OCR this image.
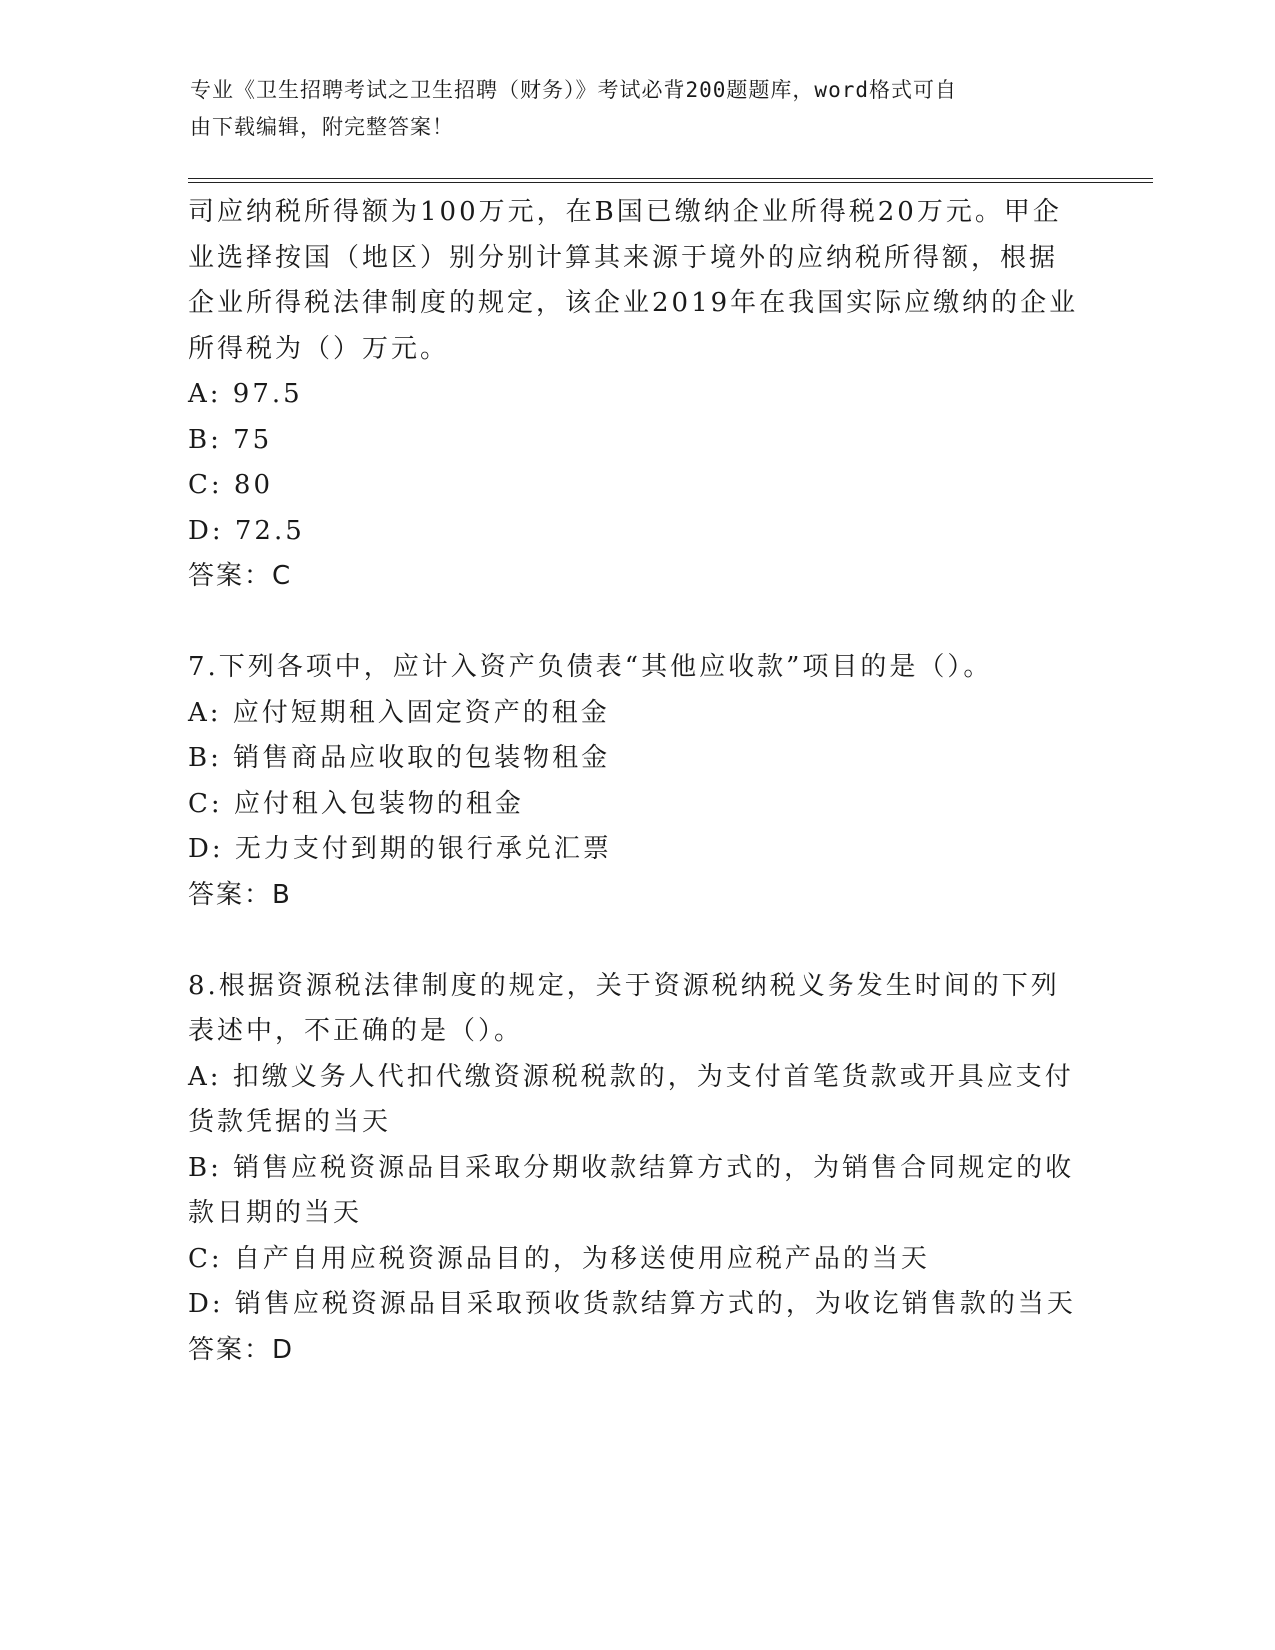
专业《卫生招聘考试之卫生招聘（财务）》考试必背200题题库，word格式可自
由下载编辑，附完整答案！

司应纳税所得额为100万元，在B国已缴纳企业所得税20万元。甲企

业选择按国（地区）别分别计算其来源于境外的应纳税所得额，根据

企业所得税法律制度的规定，该企业2019年在我国实际应缴纳的企业

所得税为（）万元。

A: 97.5

B: 75

C: 80

D: 72.5

答案：C

7.下列各项中，应计入资产负债表“其他应收款”项目的是（）。

A: 应付短期租入固定资产的租金

B: 销售商品应收取的包装物租金

C: 应付租入包装物的租金

D: 无力支付到期的银行承兑汇票

答案：B

8.根据资源税法律制度的规定，关于资源税纳税义务发生时间的下列

表述中，不正确的是（）。

A: 扣缴义务人代扣代缴资源税税款的，为支付首笔货款或开具应支付

货款凭据的当天

B: 销售应税资源品目采取分期收款结算方式的，为销售合同规定的收

款日期的当天

C: 自产自用应税资源品目的，为移送使用应税产品的当天

D: 销售应税资源品目采取预收货款结算方式的，为收讫销售款的当天

答案：D
